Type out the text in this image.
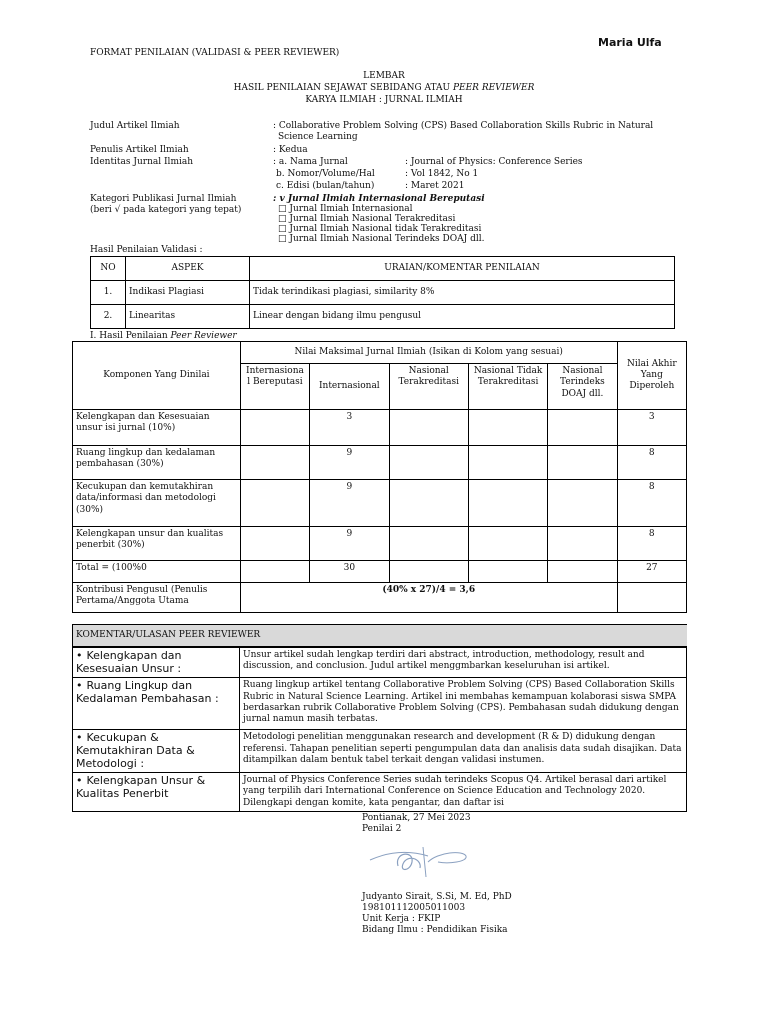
Maria Ulfa
FORMAT PENILAIAN (VALIDASI & PEER REVIEWER)
LEMBAR
HASIL PENILAIAN SEJAWAT SEBIDANG ATAU PEER REVIEWER
KARYA ILMIAH : JURNAL ILMIAH
Judul Artikel Ilmiah	: Collaborative Problem Solving (CPS) Based Collaboration Skills Rubric in Natural
Science Learning
Penulis Artikel Ilmiah	: Kedua
Identitas Jurnal Ilmiah	: a. Nama Jurnal	: Journal of Physics: Conference Series
b. Nomor/Volume/Hal	: Vol 1842, No 1
c. Edisi (bulan/tahun)	: Maret 2021
Kategori Publikasi Jurnal Ilmiah
(beri √ pada kategori yang tepat)
: v Jurnal Ilmiah Internasional Bereputasi
□ Jurnal Ilmiah Internasional
□ Jurnal Ilmiah Nasional Terakreditasi
□ Jurnal Ilmiah Nasional tidak Terakreditasi
□ Jurnal Ilmiah Nasional Terindeks DOAJ dll.
Hasil Penilaian Validasi :
NO	ASPEK	URAIAN/KOMENTAR PENILAIAN
1.	Indikasi Plagiasi	Tidak terindikasi plagiasi, similarity 8%
2.	Linearitas	Linear dengan bidang ilmu pengusul
I. Hasil Penilaian Peer Reviewer
Komponen Yang Dinilai	Nilai Maksimal Jurnal Ilmiah (Isikan di Kolom yang sesuai)					Nilai Akhir Yang Diperoleh
	Internasiona l Bereputasi	Internasional	Nasional Terakreditasi	Nasional Tidak Terakreditasi	Nasional Terindeks DOAJ dll.	
Kelengkapan dan Kesesuaian unsur isi jurnal (10%)		3				3
Ruang lingkup dan kedalaman pembahasan (30%)		9				8
Kecukupan dan kemutakhiran data/informasi dan metodologi (30%)		9				8
Kelengkapan unsur dan kualitas penerbit (30%)		9				8
Total = (100%0		30				27
Kontribusi Pengusul (Penulis Pertama/Anggota Utama	(40% x 27)/4 = 3,6					
KOMENTAR/ULASAN PEER REVIEWER
• Kelengkapan dan Kesesuaian Unsur :	Unsur artikel sudah lengkap terdiri dari abstract, introduction, methodology, result and discussion, and conclusion. Judul artikel menggmbarkan keseluruhan isi artikel.
• Ruang Lingkup dan Kedalaman Pembahasan :	Ruang lingkup artikel tentang Collaborative Problem Solving (CPS) Based Collaboration Skills Rubric in Natural Science Learning. Artikel ini membahas kemampuan kolaborasi siswa SMPA berdasarkan rubrik Collaborative Problem Solving (CPS). Pembahasan sudah didukung dengan jurnal namun masih terbatas.
• Kecukupan & Kemutakhiran Data & Metodologi :	Metodologi penelitian menggunakan research and development (R & D) didukung dengan referensi. Tahapan penelitian seperti pengumpulan data dan analisis data sudah disajikan. Data ditampilkan dalam bentuk tabel terkait dengan validasi instumen.
• Kelengkapan Unsur & Kualitas Penerbit	Journal of Physics Conference Series sudah terindeks Scopus Q4. Artikel berasal dari artikel yang terpilih dari International Conference on Science Education and Technology 2020. Dilengkapi dengan komite, kata pengantar, dan daftar isi
Pontianak, 27 Mei 2023
Penilai 2
Judyanto Sirait, S.Si, M. Ed, PhD
198101112005011003
Unit Kerja : FKIP
Bidang Ilmu : Pendidikan Fisika
